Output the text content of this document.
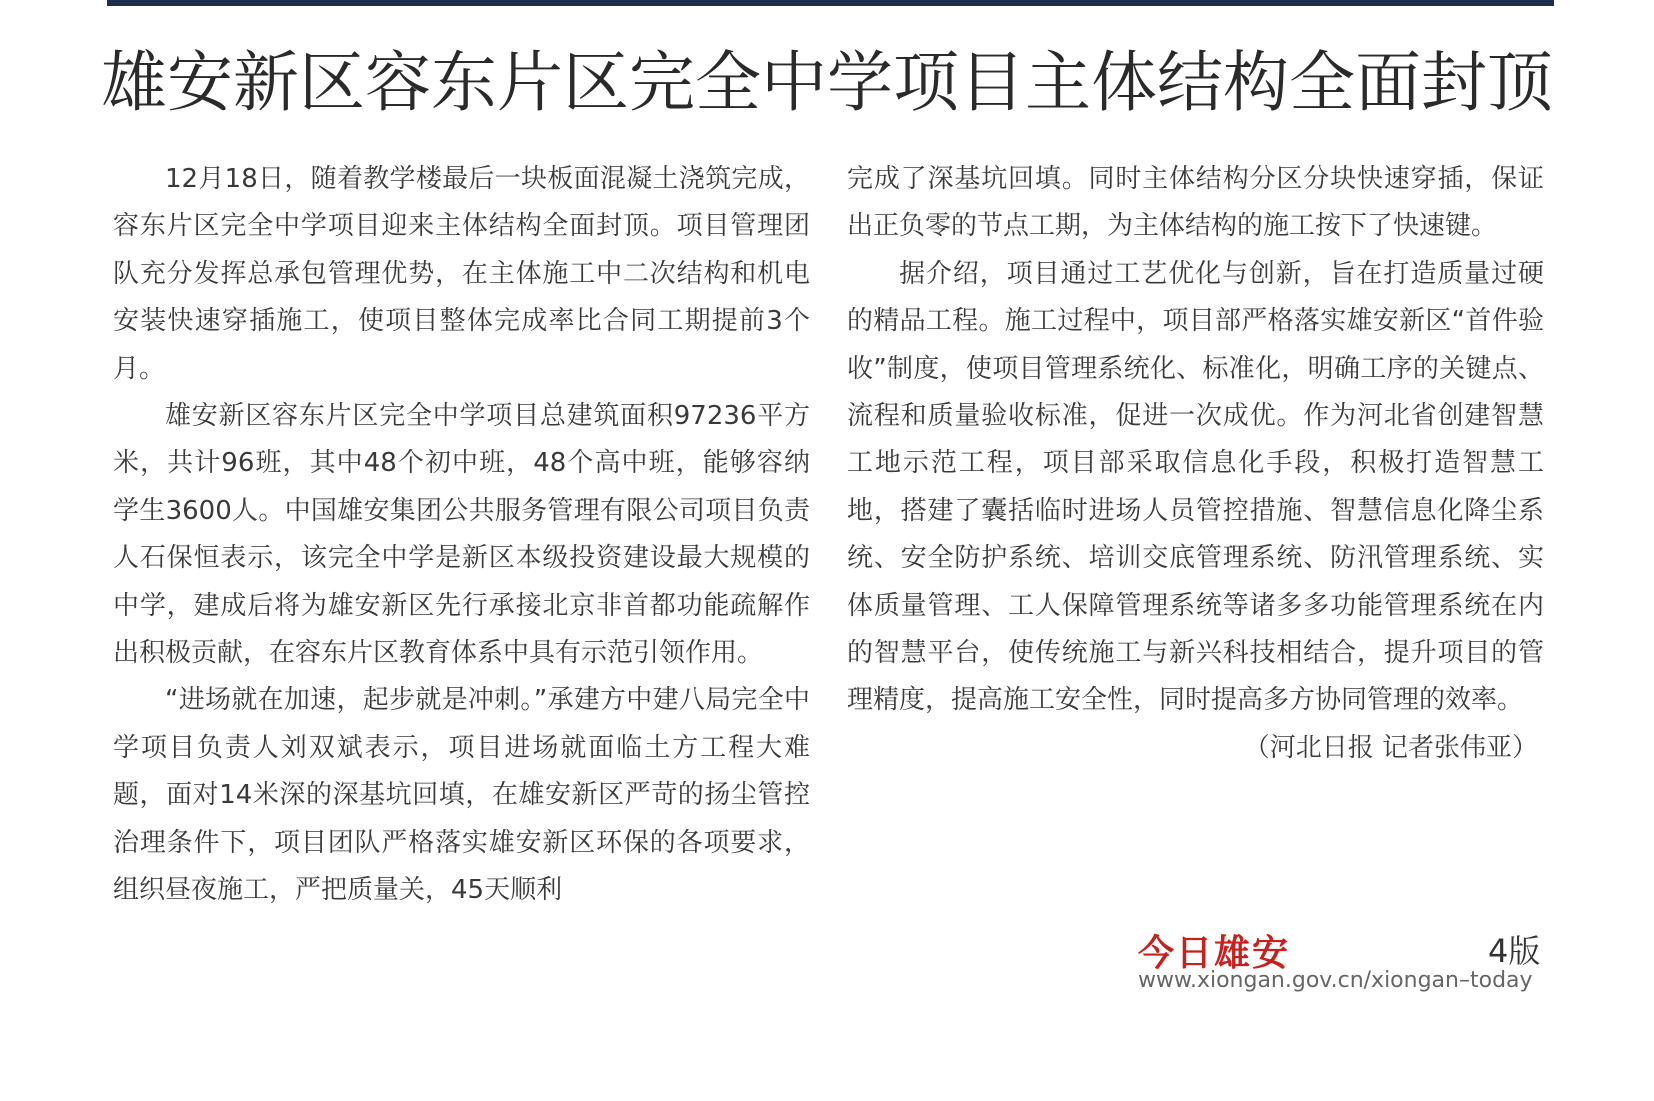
雄安新区容东片区完全中学项目主体结构全面封顶

12月18日，随着教学楼最后一块板面混凝土浇筑完成，容东片区完全中学项目迎来主体结构全面封顶。项目管理团队充分发挥总承包管理优势，在主体施工中二次结构和机电安装快速穿插施工，使项目整体完成率比合同工期提前3个月。

雄安新区容东片区完全中学项目总建筑面积97236平方米，共计96班，其中48个初中班，48个高中班，能够容纳学生3600人。中国雄安集团公共服务管理有限公司项目负责人石保恒表示，该完全中学是新区本级投资建设最大规模的中学，建成后将为雄安新区先行承接北京非首都功能疏解作出积极贡献，在容东片区教育体系中具有示范引领作用。

“进场就在加速，起步就是冲刺。”承建方中建八局完全中学项目负责人刘双斌表示，项目进场就面临土方工程大难题，面对14米深的深基坑回填，在雄安新区严苛的扬尘管控治理条件下，项目团队严格落实雄安新区环保的各项要求，组织昼夜施工，严把质量关，45天顺利

完成了深基坑回填。同时主体结构分区分块快速穿插，保证出正负零的节点工期，为主体结构的施工按下了快速键。

据介绍，项目通过工艺优化与创新，旨在打造质量过硬的精品工程。施工过程中，项目部严格落实雄安新区“首件验收”制度，使项目管理系统化、标准化，明确工序的关键点、流程和质量验收标准，促进一次成优。作为河北省创建智慧工地示范工程，项目部采取信息化手段，积极打造智慧工地，搭建了囊括临时进场人员管控措施、智慧信息化降尘系统、安全防护系统、培训交底管理系统、防汛管理系统、实体质量管理、工人保障管理系统等诸多多功能管理系统在内的智慧平台，使传统施工与新兴科技相结合，提升项目的管理精度，提高施工安全性，同时提高多方协同管理的效率。

（河北日报 记者张伟亚）

今日雄安	4版
www.xiongan.gov.cn/xiongan–today
